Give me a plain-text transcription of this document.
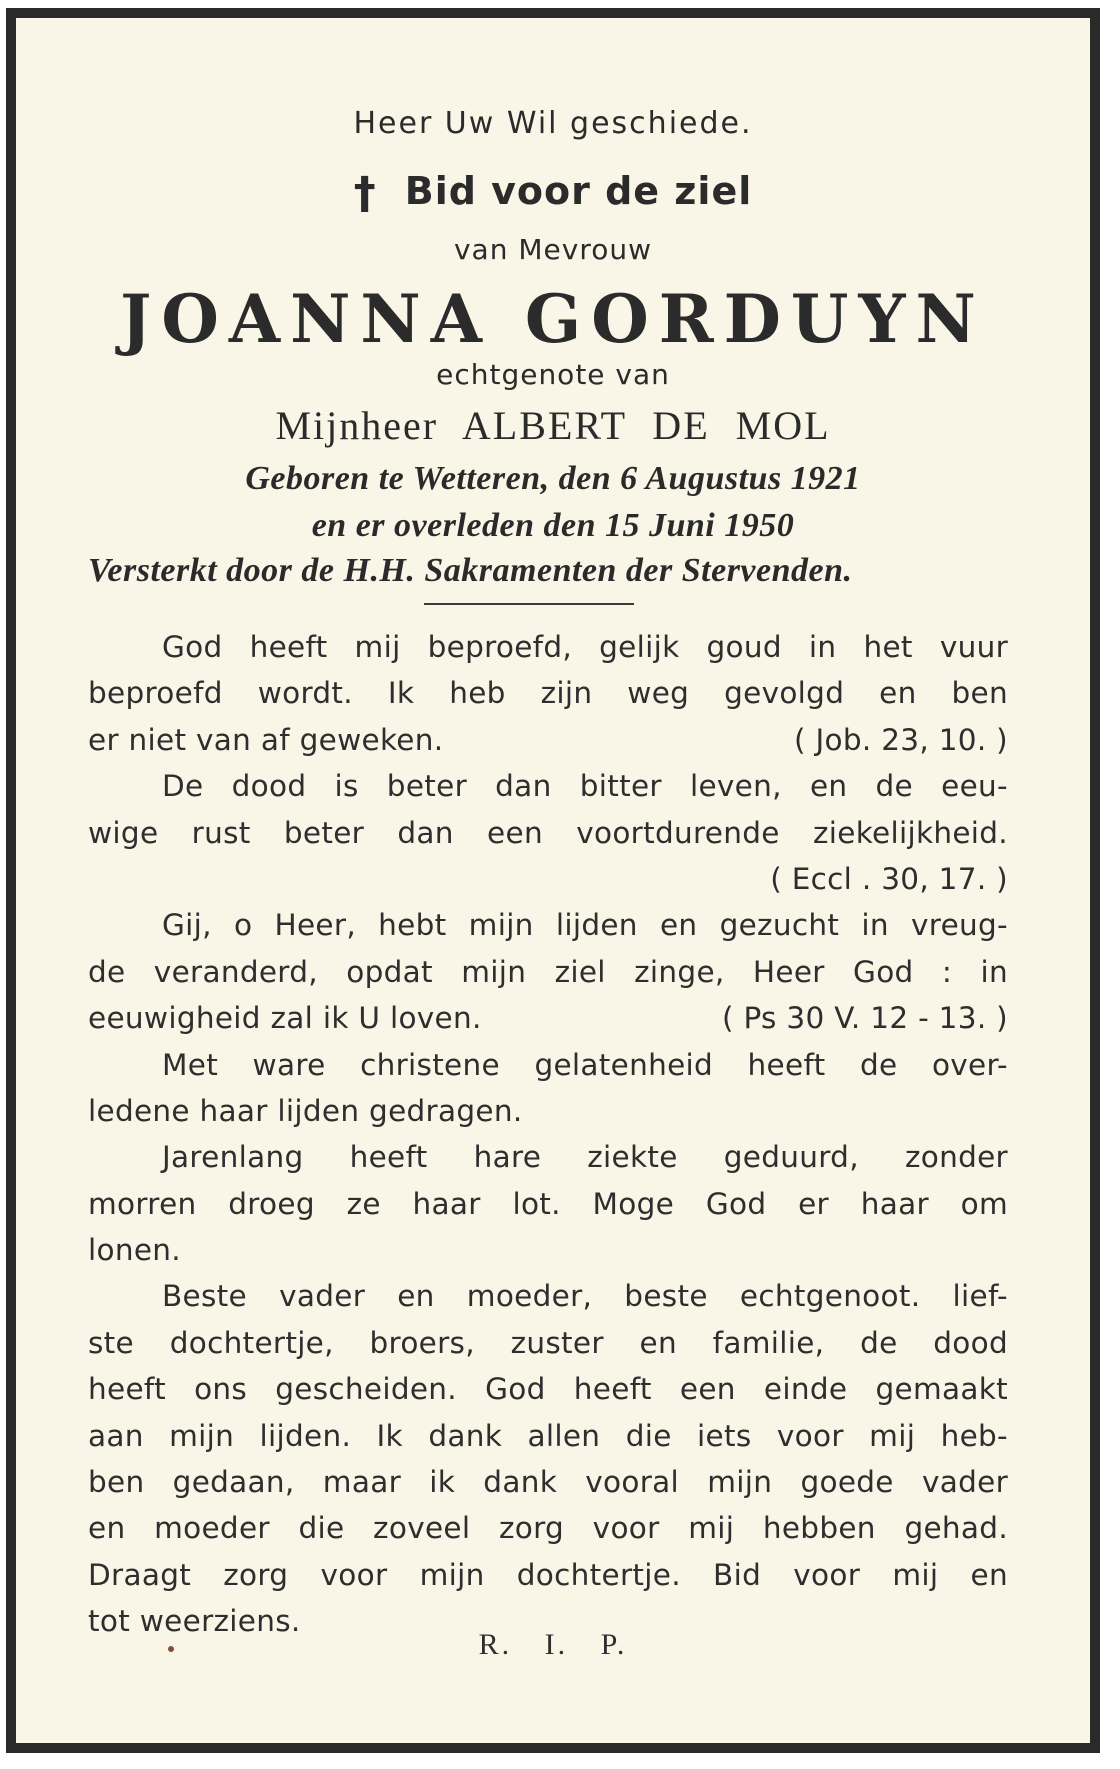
Heer Uw Wil geschiede.
† Bid voor de ziel
van Mevrouw
JOANNA GORDUYN
echtgenote van
Mijnheer ALBERT DE MOL
Geboren te Wetteren, den 6 Augustus 1921
en er overleden den 15 Juni 1950
Versterkt door de H.H. Sakramenten der Stervenden.
God heeft mij beproefd, gelijk goud in het vuur
beproefd wordt. Ik heb zijn weg gevolgd en ben
er niet van af geweken.	( Job. 23, 10. )
De dood is beter dan bitter leven, en de eeu-
wige rust beter dan een voortdurende ziekelijkheid.
( Eccl . 30, 17. )
Gij, o Heer, hebt mijn lijden en gezucht in vreug-
de veranderd, opdat mijn ziel zinge, Heer God : in
eeuwigheid zal ik U loven.	( Ps 30 V. 12 - 13. )
Met ware christene gelatenheid heeft de over-
ledene haar lijden gedragen.
Jarenlang heeft hare ziekte geduurd, zonder
morren droeg ze haar lot. Moge God er haar om
lonen.
Beste vader en moeder, beste echtgenoot. lief-
ste dochtertje, broers, zuster en familie, de dood
heeft ons gescheiden. God heeft een einde gemaakt
aan mijn lijden. Ik dank allen die iets voor mij heb-
ben gedaan, maar ik dank vooral mijn goede vader
en moeder die zoveel zorg voor mij hebben gehad.
Draagt zorg voor mijn dochtertje. Bid voor mij en
tot weerziens.
R. I. P.
